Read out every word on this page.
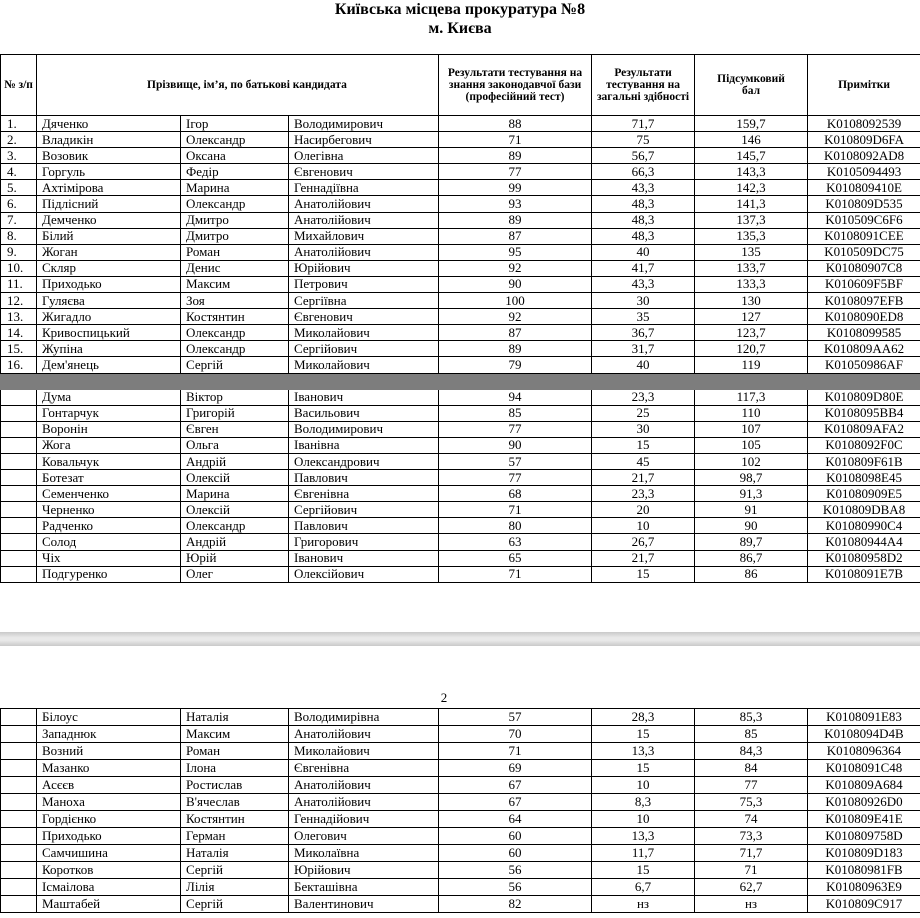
Київська місцева прокуратура №8
м. Києва
№ з/п	Прізвище, ім’я, по батькові кандидата			Результати тестування на знання законодавчої бази (професійний тест)	Результати тестування на загальні здібності	Підсумковий бал	Примітки
1.	Дяченко	Ігор	Володимирович	88	71,7	159,7	K0108092539
2.	Владикін	Олександр	Насирбегович	71	75	146	K010809D6FA
3.	Возовик	Оксана	Олегівна	89	56,7	145,7	K0108092AD8
4.	Горгуль	Федір	Євгенович	77	66,3	143,3	K0105094493
5.	Ахтімірова	Марина	Геннадіївна	99	43,3	142,3	K010809410E
6.	Підлісний	Олександр	Анатолійович	93	48,3	141,3	K010809D535
7.	Демченко	Дмитро	Анатолійович	89	48,3	137,3	K010509C6F6
8.	Білий	Дмитро	Михайлович	87	48,3	135,3	K0108091CEE
9.	Жоган	Роман	Анатолійович	95	40	135	K010509DC75
10.	Скляр	Денис	Юрійович	92	41,7	133,7	K01080907C8
11.	Приходько	Максим	Петрович	90	43,3	133,3	K010609F5BF
12.	Гуляєва	Зоя	Сергіївна	100	30	130	K0108097EFB
13.	Жигадло	Костянтин	Євгенович	92	35	127	K0108090ED8
14.	Кривоспицький	Олександр	Миколайович	87	36,7	123,7	K0108099585
15.	Жупіна	Олександр	Сергійович	89	31,7	120,7	K010809AA62
16.	Дем'янець	Сергій	Миколайович	79	40	119	K01050986AF

	Дума	Віктор	Іванович	94	23,3	117,3	K010809D80E
	Гонтарчук	Григорій	Васильович	85	25	110	K0108095BB4
	Воронін	Євген	Володимирович	77	30	107	K010809AFA2
	Жога	Ольга	Іванівна	90	15	105	K0108092F0C
	Ковальчук	Андрій	Олександрович	57	45	102	K010809F61B
	Ботезат	Олексій	Павлович	77	21,7	98,7	K0108098E45
	Семенченко	Марина	Євгенівна	68	23,3	91,3	K01080909E5
	Черненко	Олексій	Сергійович	71	20	91	K010809DBA8
	Радченко	Олександр	Павлович	80	10	90	K01080990C4
	Солод	Андрій	Григорович	63	26,7	89,7	K01080944A4
	Чіх	Юрій	Іванович	65	21,7	86,7	K01080958D2
	Подгуренко	Олег	Олексійович	71	15	86	K0108091E7B
2
	Білоус	Наталія	Володимирівна	57	28,3	85,3	K0108091E83
	Западнюк	Максим	Анатолійович	70	15	85	K0108094D4B
	Возний	Роман	Миколайович	71	13,3	84,3	K0108096364
	Мазанко	Ілона	Євгенівна	69	15	84	K0108091C48
	Асєєв	Ростислав	Анатолійович	67	10	77	K010809A684
	Манoха	В'ячеслав	Анатолійович	67	8,3	75,3	K01080926D0
	Гордієнко	Костянтин	Геннадійович	64	10	74	K010809E41E
	Приходько	Герман	Олегович	60	13,3	73,3	K010809758D
	Самчишина	Наталія	Миколаївна	60	11,7	71,7	K010809D183
	Коротков	Сергій	Юрійович	56	15	71	K01080981FB
	Ісмаілова	Лілія	Бекташівна	56	6,7	62,7	K01080963E9
	Маштабей	Сергій	Валентинович	82	нз	нз	K010809C917
